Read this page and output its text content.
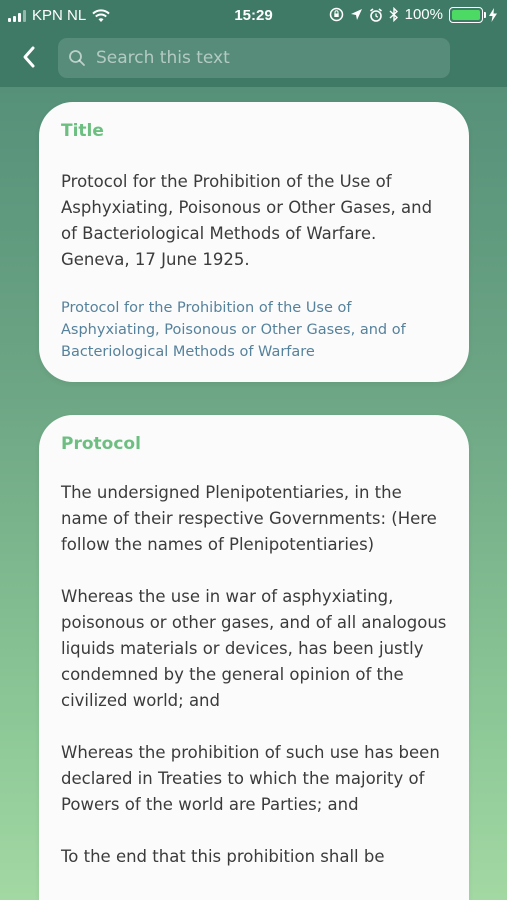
KPN NL	15:29	100%
Search this text
Title
Protocol for the Prohibition of the Use of Asphyxiating, Poisonous or Other Gases, and of Bacteriological Methods of Warfare. Geneva, 17 June 1925.
Protocol for the Prohibition of the Use of Asphyxiating, Poisonous or Other Gases, and of Bacteriological Methods of Warfare
Protocol
The undersigned Plenipotentiaries, in the name of their respective Governments: (Here follow the names of Plenipotentiaries)
Whereas the use in war of asphyxiating, poisonous or other gases, and of all analogous liquids materials or devices, has been justly condemned by the general opinion of the civilized world; and
Whereas the prohibition of such use has been declared in Treaties to which the majority of Powers of the world are Parties; and
To the end that this prohibition shall be
